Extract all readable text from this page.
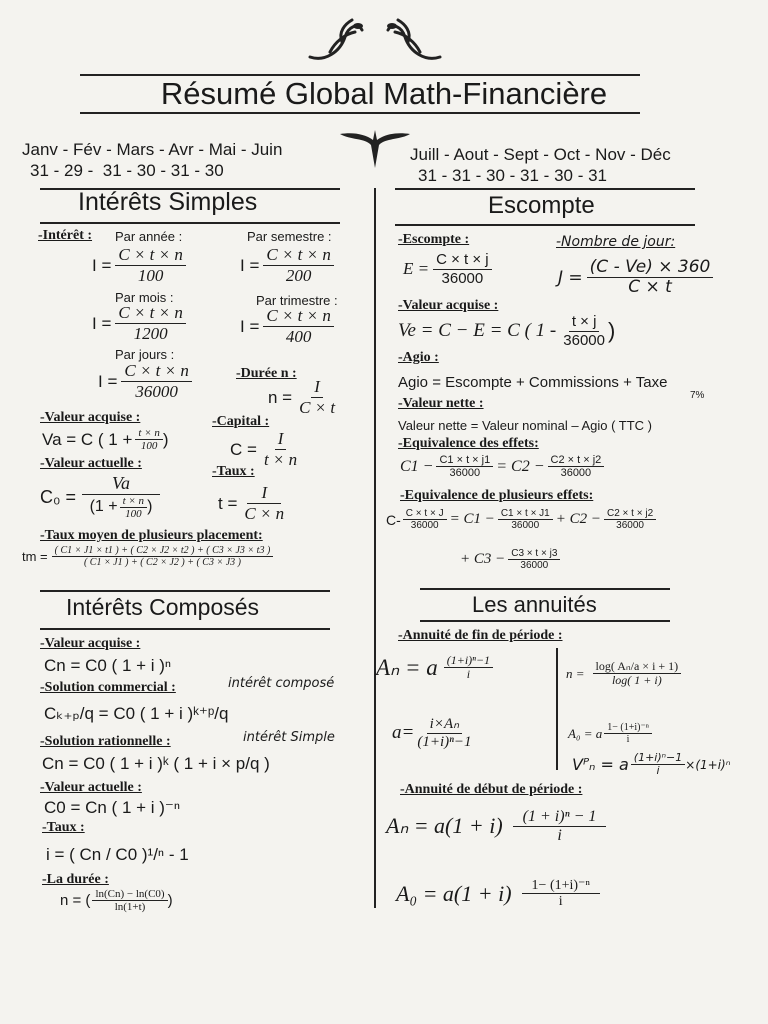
Résumé Global Math-Financière
Janv - Fév - Mars - Avr - Mai - Juin
31 - 29 -  31 - 30 - 31 - 30
Juill - Aout - Sept - Oct - Nov - Déc
31 - 31 - 30 - 31 - 30 - 31
Intérêts Simples
-Intérêt : Par année :	Par semestre :
$I = \frac{C \times t \times n}{100}$	$I = \frac{C \times t \times n}{200}$
Par mois :	Par trimestre :
$I = \frac{C \times t \times n}{1200}$	$I = \frac{C \times t \times n}{400}$
Par jours :
$I = \frac{C \times t \times n}{36000}$	-Durée n :
$n = \frac{I}{C \times t}$
-Valeur acquise :
Va = C ( $1 + \frac{t \times n}{100}$ )
-Capital :
$C = \frac{I}{t \times n}$
-Valeur actuelle :
-Taux :
$C_0 = \frac{Va}{(1 + \frac{t \times n}{100} )}$	$t = \frac{I}{C \times n}$
-Taux moyen de plusieurs placement:
tm = $\frac{( C1 \times J1 \times t1 ) + ( C2 \times J2 \times t2 ) + ( C3 \times J3 \times t3 )}{( C1 \times J1 ) + ( C2 \times J2 ) + ( C3 \times J3 )}$
Intérêts Composés
-Valeur acquise :
Cn = C0 ( 1 + i )ⁿ
-Solution commercial :	intérêt composé
Cₖ₊ₚ/q = C0 ( 1 + i )ᵏ⁺ᵖ/q
-Solution rationnelle :	intérêt Simple
Cn = C0 ( 1 + i )ᵏ ( 1 + i × p/q )
-Valeur actuelle :
C0 = Cn ( 1 + i )⁻ⁿ
-Taux :
i = ( Cn / C0 )¹/ⁿ - 1
-La durée :
n = ( $\frac{\ln(Cn) - \ln(C0)}{\ln(1+t)}$ )
Escompte
-Escompte :	-Nombre de jour:
$E = \frac{C \times t \times j}{36000}$	$J = \frac{(C - Ve) \times 360}{C \times t}$
-Valeur acquise :
Ve = C − E = C ( $1 - \frac{t \times j}{36000}$ )
-Agio :
Agio = Escompte + Commissions + Taxe
7%
-Valeur nette :
Valeur nette = Valeur nominal – Agio ( TTC )
-Equivalence des effets:
$C1 - \frac{C1 \times t \times j1}{36000} = C2 - \frac{C2 \times t \times j2}{36000}$
-Equivalence de plusieurs effets:
$C- \frac{C \times t \times J}{36000} = C1 - \frac{C1 \times t \times J1}{36000} + C2 - \frac{C2 \times t \times j2}{36000}$
+ $C3 - \frac{C3 \times t \times j3}{36000}$
Les annuités
-Annuité de fin de période :
Aₙ = a $\frac{\text{(1+i)ⁿ−1}}{i}$	$n = \frac{\text{log( Aₙ/a × i + 1)}}{\log( 1 + i)}$
$a= \frac{\text{i×Aₙ}}{\text{(1+i)ⁿ−1}}$	A₀ = a $\frac{\text{1− (1+i)⁻ⁿ}}{i}$
Vᴾₙ = a $\frac{\text{(1+i)ⁿ−1}}{i} \times(1+i)^n$
-Annuité de début de période :
$A_n = a(1 + i) \frac{\text{(1 + i)ⁿ − 1}}{i}$
$A_0 = a(1 + i) \frac{\text{1− (1+i)⁻ⁿ}}{i}$
